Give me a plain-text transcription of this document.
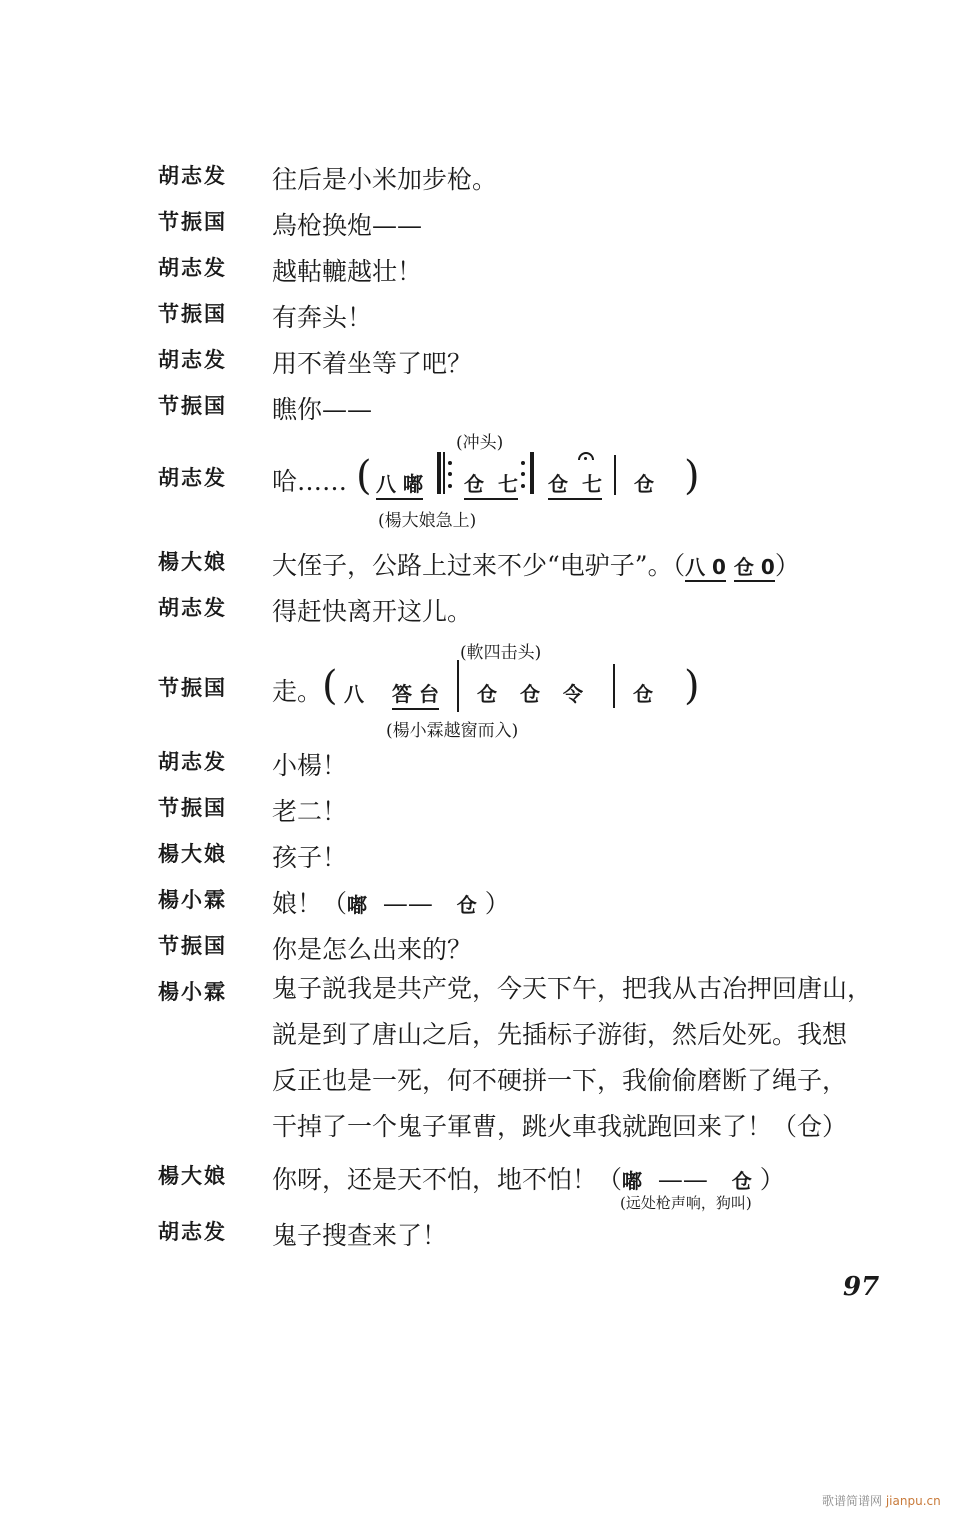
胡志发	往后是小米加步枪。
节振国	鳥枪换炮——
胡志发	越軲轆越壮！
节振国	有奔头！
胡志发	用不着坐等了吧？
节振国	瞧你——
胡志发	哈……
(冲头)
( 八 嘟 仓 七 仓 七 仓 )
(楊大娘急上)
楊大娘	大侄子，公路上过来不少“电驴子”。（八 0 仓 0）
胡志发	得赶快离开这儿。
节振国	走。
(軟四击头)
( 八 答 台 仓 仓 令	仓 )
(楊小霖越窗而入)
胡志发	小楊！
节振国	老二！
楊大娘	孩子！
楊小霖	娘！（嘟 —— 仓 ）
节振国	你是怎么出来的？
楊小霖	鬼子説我是共产党，今天下午，把我从古冶押回唐山，
説是到了唐山之后，先插标子游街，然后处死。我想
反正也是一死，何不硬拼一下，我偷偷磨断了绳子，
干掉了一个鬼子軍曹，跳火車我就跑回来了！（仓）
楊大娘	你呀，还是天不怕，地不怕！（嘟 —— 仓 ）
(远处枪声响，狗叫)
胡志发	鬼子搜查来了！
97
歌谱简谱网 jianpu.cn
